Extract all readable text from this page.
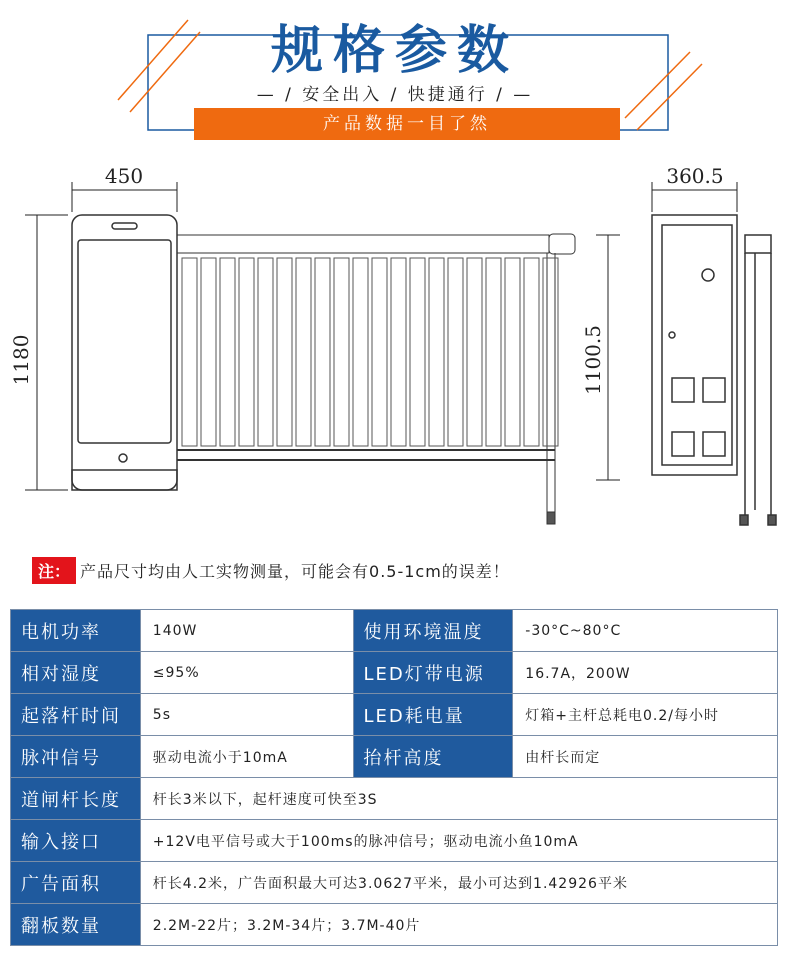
规格参数
— / 安全出入 / 快捷通行 / —
产品数据一目了然
450
1180	1100.5
360.5
注： 产品尺寸均由人工实物测量，可能会有0.5-1cm的误差！
电机功率	140W	使用环境温度	-30°C~80°C
相对湿度	≤95%	LED灯带电源	16.7A，200W
起落杆时间	5s	LED耗电量	灯箱+主杆总耗电0.2/每小时
脉冲信号	驱动电流小于10mA	抬杆高度	由杆长而定
道闸杆长度	杆长3米以下，起杆速度可快至3S		
输入接口	+12V电平信号或大于100ms的脉冲信号；驱动电流小鱼10mA		
广告面积	杆长4.2米，广告面积最大可达3.0627平米，最小可达到1.42926平米		
翻板数量	2.2M-22片；3.2M-34片；3.7M-40片		
